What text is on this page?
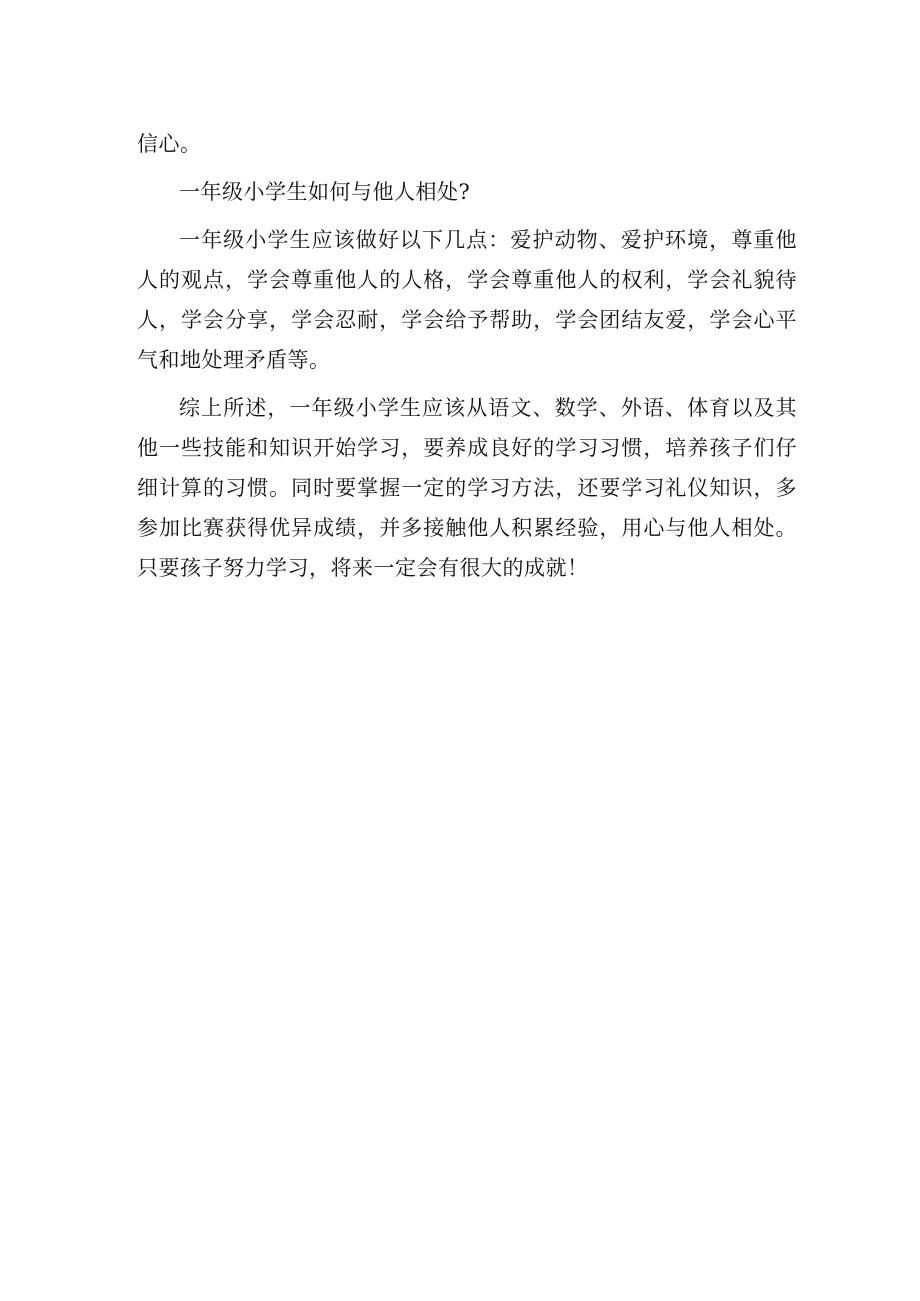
信心。

一年级小学生如何与他人相处?

一年级小学生应该做好以下几点：爱护动物、爱护环境，尊重他人的观点，学会尊重他人的人格，学会尊重他人的权利，学会礼貌待人，学会分享，学会忍耐，学会给予帮助，学会团结友爱，学会心平气和地处理矛盾等。

综上所述，一年级小学生应该从语文、数学、外语、体育以及其他一些技能和知识开始学习，要养成良好的学习习惯，培养孩子们仔细计算的习惯。同时要掌握一定的学习方法，还要学习礼仪知识，多参加比赛获得优异成绩，并多接触他人积累经验，用心与他人相处。只要孩子努力学习，将来一定会有很大的成就！
